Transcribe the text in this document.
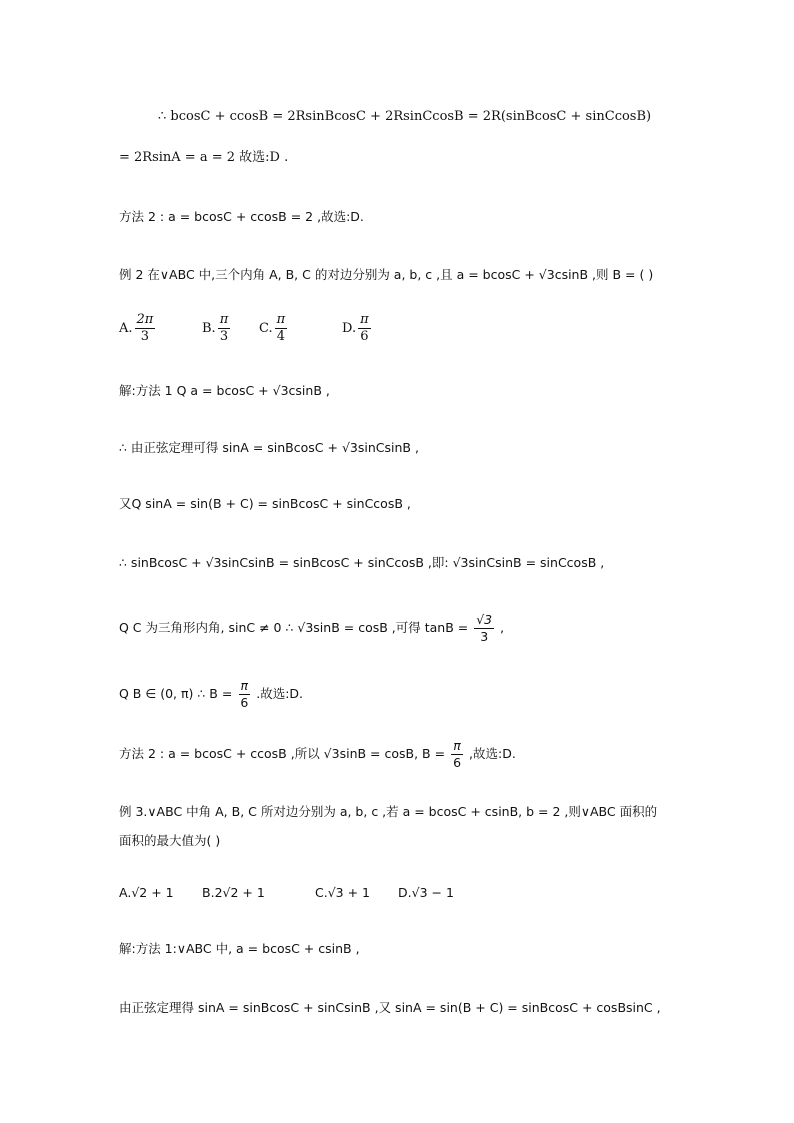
∴ bcosC + ccosB = 2RsinBcosC + 2RsinCcosB = 2R(sinBcosC + sinCcosB)
= 2RsinA = a = 2 故选:D .
方法 2 : a = bcosC + ccosB = 2 ,故选:D.
例 2 在∨ABC 中,三个内角 A, B, C 的对边分别为 a, b, c ,且 a = bcosC + √3csinB ,则 B = ( )
A. $\frac{2\pi}{3}$	B. $\frac{\pi}{3} C$. $\frac{\pi}{4}$	D. $\frac{\pi}{6}$
解:方法 1 Q a = bcosC + √3csinB ,
∴ 由正弦定理可得 sinA = sinBcosC + √3sinCsinB ,
又Q sinA = sin(B + C) = sinBcosC + sinCcosB ,
∴ sinBcosC + √3sinCsinB = sinBcosC + sinCcosB ,即: √3sinCsinB = sinCcosB ,
Q C 为三角形内角, sinC ≠ 0 ∴ √3sinB = cosB ,可得 $\tan B = \frac{√3}{3}$ ,
Q B ∈ (0, π) ∴ $B = \frac{\pi}{6}$ .故选:D.
方法 2 : a = bcosC + ccosB ,所以 √3sinB = cosB, $B = \frac{\pi}{6}$ ,故选:D.
例 3.∨ABC 中角 A, B, C 所对边分别为 a, b, c ,若 a = bcosC + csinB, b = 2 ,则∨ABC 面积的
面积的最大值为( )
A. √2 + 1 B. 2√2 + 1	C. √3 + 1 D. √3 − 1
解:方法 1:∨ABC 中, a = bcosC + csinB ,
由正弦定理得 sinA = sinBcosC + sinCsinB ,又 sinA = sin(B + C) = sinBcosC + cosBsinC ,
